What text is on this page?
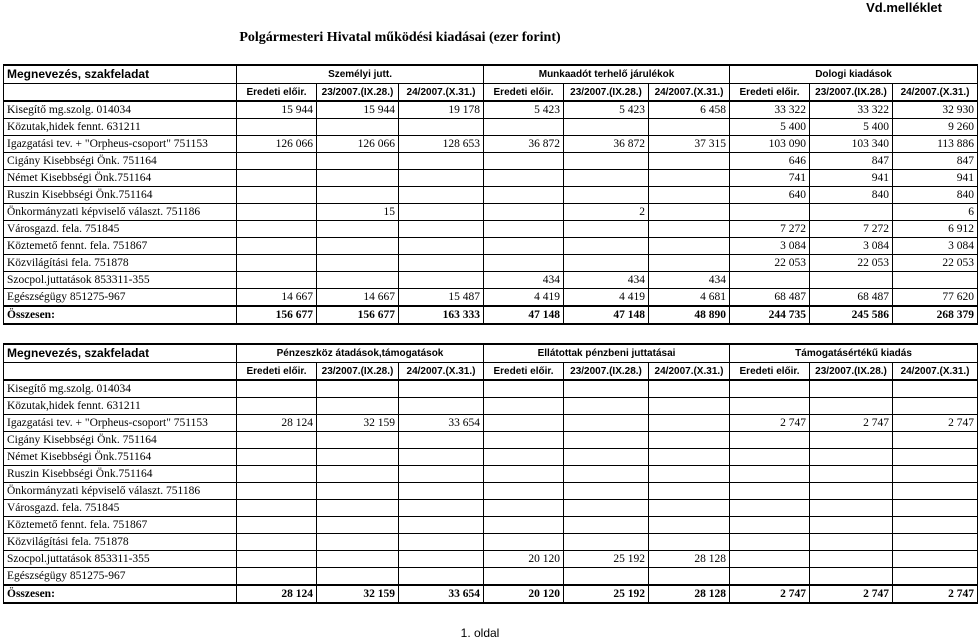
Vd.melléklet
Polgármesteri Hivatal működési kiadásai (ezer forint)
Megnevezés, szakfeladat	Személyi jutt.			Munkaadót terhelő járulékok			Dologi kiadások		
	Eredeti előir.	23/2007.(IX.28.)	24/2007.(X.31.)	Eredeti előir.	23/2007.(IX.28.)	24/2007.(X.31.)	Eredeti előir.	23/2007.(IX.28.)	24/2007.(X.31.)
Kisegítő mg.szolg. 014034	15 944	15 944	19 178	5 423	5 423	6 458	33 322	33 322	32 930
Közutak,hidek fennt. 631211							5 400	5 400	9 260
Igazgatási tev. + "Orpheus-csoport" 751153	126 066	126 066	128 653	36 872	36 872	37 315	103 090	103 340	113 886
Cigány Kisebbségi Önk. 751164							646	847	847
Német Kisebbségi Önk.751164							741	941	941
Ruszin Kisebbségi Önk.751164							640	840	840
Önkormányzati képviselő választ. 751186		15			2				6
Városgazd. fela. 751845							7 272	7 272	6 912
Köztemető fennt. fela. 751867							3 084	3 084	3 084
Közvilágítási fela. 751878							22 053	22 053	22 053
Szocpol.juttatások 853311-355				434	434	434			
Egészségügy 851275-967	14 667	14 667	15 487	4 419	4 419	4 681	68 487	68 487	77 620
Összesen:	156 677	156 677	163 333	47 148	47 148	48 890	244 735	245 586	268 379
Megnevezés, szakfeladat	Pénzeszköz átadások,támogatások			Ellátottak pénzbeni juttatásai			Támogatásértékű kiadás		
	Eredeti előir.	23/2007.(IX.28.)	24/2007.(X.31.)	Eredeti előir.	23/2007.(IX.28.)	24/2007.(X.31.)	Eredeti előir.	23/2007.(IX.28.)	24/2007.(X.31.)
Kisegítő mg.szolg. 014034									
Közutak,hidek fennt. 631211									
Igazgatási tev. + "Orpheus-csoport" 751153	28 124	32 159	33 654				2 747	2 747	2 747
Cigány Kisebbségi Önk. 751164									
Német Kisebbségi Önk.751164									
Ruszin Kisebbségi Önk.751164									
Önkormányzati képviselő választ. 751186									
Városgazd. fela. 751845									
Köztemető fennt. fela. 751867									
Közvilágítási fela. 751878									
Szocpol.juttatások 853311-355				20 120	25 192	28 128			
Egészségügy 851275-967									
Összesen:	28 124	32 159	33 654	20 120	25 192	28 128	2 747	2 747	2 747
1. oldal
